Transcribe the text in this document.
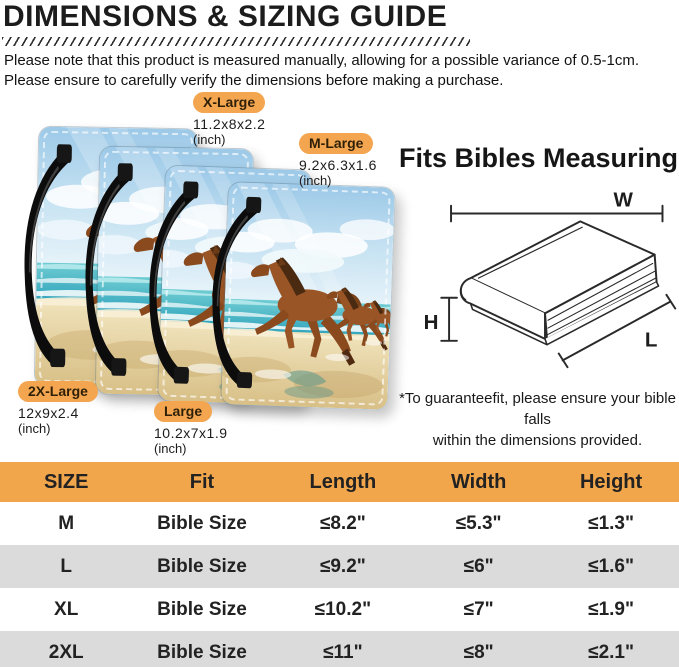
DIMENSIONS & SIZING GUIDE
Please note that this product is measured manually, allowing for a possible variance of 0.5-1cm.
Please ensure to carefully verify the dimensions before making a purchase.
X-Large
11.2x8x2.2
(inch)	M-Large
9.2x6.3x1.6
(inch)
2X-Large
12x9x2.4
(inch)
Large
10.2x7x1.9
(inch)
Fits Bibles Measuring
W
H
L
*To guaranteefit, please ensure your bible falls
within the dimensions provided.
SIZE	Fit	Length	Width	Height
M	Bible Size	≤8.2"	≤5.3"	≤1.3"
L	Bible Size	≤9.2"	≤6"	≤1.6"
XL	Bible Size	≤10.2"	≤7"	≤1.9"
2XL	Bible Size	≤11"	≤8"	≤2.1"
